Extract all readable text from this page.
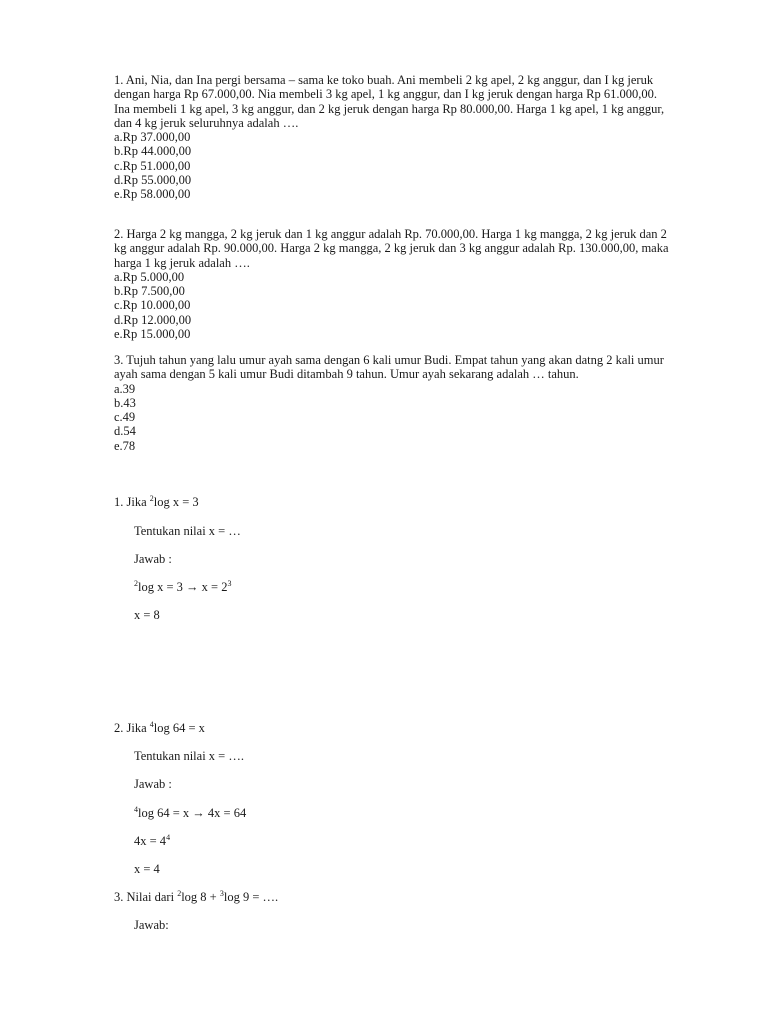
1. Ani, Nia, dan Ina pergi bersama – sama ke toko buah. Ani membeli 2 kg apel, 2 kg anggur, dan I kg jeruk dengan harga Rp 67.000,00. Nia membeli 3 kg apel, 1 kg anggur, dan I kg jeruk dengan harga Rp 61.000,00. Ina membeli 1 kg apel, 3 kg anggur, dan 2 kg jeruk dengan harga Rp 80.000,00. Harga 1 kg apel, 1 kg anggur, dan 4 kg jeruk seluruhnya adalah ….

a.Rp 37.000,00

b.Rp 44.000,00

c.Rp 51.000,00

d.Rp 55.000,00

e.Rp 58.000,00

2. Harga 2 kg mangga, 2 kg jeruk dan 1 kg anggur adalah Rp. 70.000,00. Harga 1 kg mangga, 2 kg jeruk dan 2 kg anggur adalah Rp. 90.000,00. Harga 2 kg mangga, 2 kg jeruk dan 3 kg anggur adalah Rp. 130.000,00, maka harga 1 kg jeruk adalah ….

a.Rp 5.000,00

b.Rp 7.500,00

c.Rp 10.000,00

d.Rp 12.000,00

e.Rp 15.000,00

3. Tujuh tahun yang lalu umur ayah sama dengan 6 kali umur Budi. Empat tahun yang akan datng 2 kali umur ayah sama dengan 5 kali umur Budi ditambah 9 tahun. Umur ayah sekarang adalah … tahun.

a.39

b.43

c.49

d.54

e.78

1. Jika $^2$log x = 3
Tentukan nilai x = …
Jawab :
$^2$log $x = 3 \to x = 2^3$
x = 8
2. Jika $^4$log 64 = x
Tentukan nilai x = ….
Jawab :
$^4$log 64 = x → 4x = 64
$4x = 4^4$
x = 4
3. Nilai dari $^2$log 8 + $^3$log 9 = ….
Jawab:
